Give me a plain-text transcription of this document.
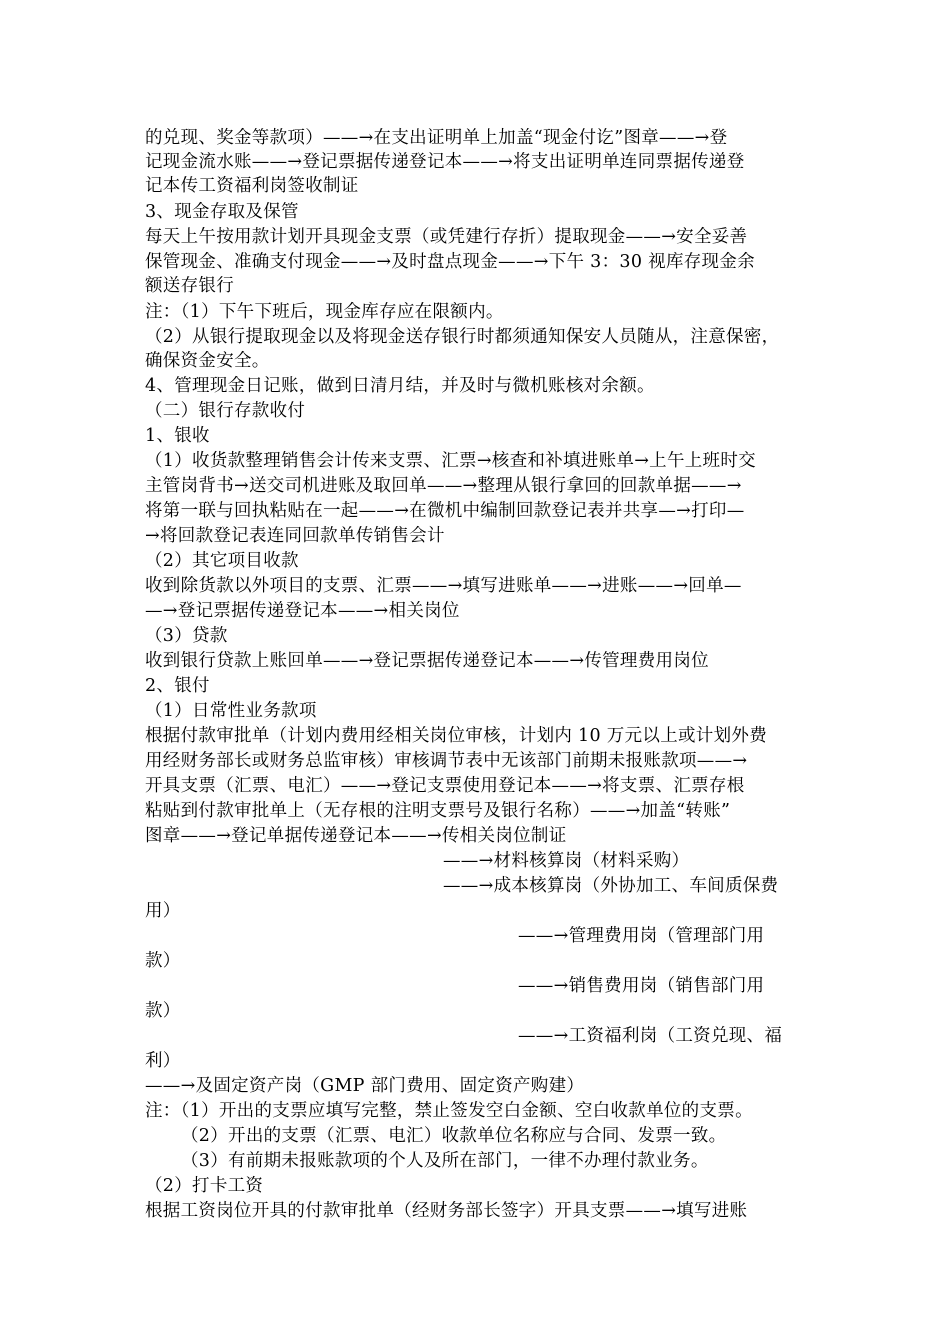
的兑现、奖金等款项）——→在支出证明单上加盖“现金付讫”图章——→登
记现金流水账——→登记票据传递登记本——→将支出证明单连同票据传递登
记本传工资福利岗签收制证
3、现金存取及保管
每天上午按用款计划开具现金支票（或凭建行存折）提取现金——→安全妥善
保管现金、准确支付现金——→及时盘点现金——→下午 3：30 视库存现金余
额送存银行
注：（1）下午下班后，现金库存应在限额内。
（2）从银行提取现金以及将现金送存银行时都须通知保安人员随从，注意保密，
确保资金安全。
4、管理现金日记账，做到日清月结，并及时与微机账核对余额。
（二）银行存款收付
1、银收
（1）收货款整理销售会计传来支票、汇票→核查和补填进账单→上午上班时交
主管岗背书→送交司机进账及取回单——→整理从银行拿回的回款单据——→
将第一联与回执粘贴在一起——→在微机中编制回款登记表并共享—→打印—
→将回款登记表连同回款单传销售会计
（2）其它项目收款
收到除货款以外项目的支票、汇票——→填写进账单——→进账——→回单—
—→登记票据传递登记本——→相关岗位
（3）贷款
收到银行贷款上账回单——→登记票据传递登记本——→传管理费用岗位
2、银付
（1）日常性业务款项
根据付款审批单（计划内费用经相关岗位审核，计划内 10 万元以上或计划外费
用经财务部长或财务总监审核）审核调节表中无该部门前期未报账款项——→
开具支票（汇票、电汇）——→登记支票使用登记本——→将支票、汇票存根
粘贴到付款审批单上（无存根的注明支票号及银行名称）——→加盖“转账”
图章——→登记单据传递登记本——→传相关岗位制证
——→材料核算岗（材料采购）
——→成本核算岗（外协加工、车间质保费
用）
——→管理费用岗（管理部门用
款）
——→销售费用岗（销售部门用
款）
——→工资福利岗（工资兑现、福
利）
——→及固定资产岗（GMP 部门费用、固定资产购建）
注：（1）开出的支票应填写完整，禁止签发空白金额、空白收款单位的支票。
（2）开出的支票（汇票、电汇）收款单位名称应与合同、发票一致。
（3）有前期未报账款项的个人及所在部门，一律不办理付款业务。
（2）打卡工资
根据工资岗位开具的付款审批单（经财务部长签字）开具支票——→填写进账
